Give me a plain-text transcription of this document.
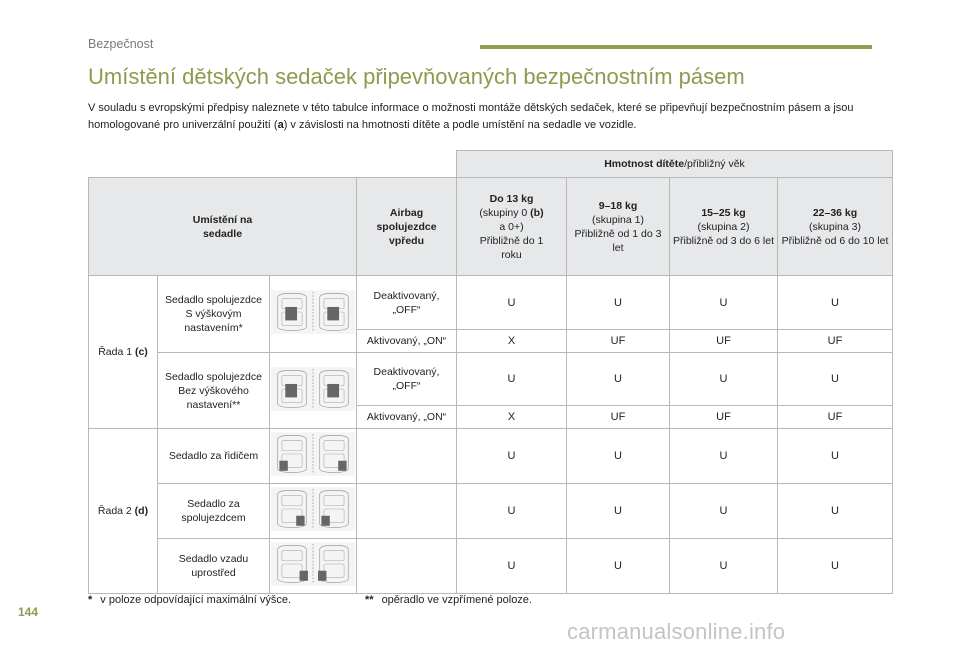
Bezpečnost
Umístění dětských sedaček připevňovaných bezpečnostním pásem
V souladu s evropskými předpisy naleznete v této tabulce informace o možnosti montáže dětských sedaček, které se připevňují bezpečnostním pásem a jsou homologované pro univerzální použití (a) v závislosti na hmotnosti dítěte a podle umístění na sedadle ve vozidle.
				Hmotnost dítěte/přibližný věk			
Umístění na sedadle			Airbag spolujezdce vpředu	Do 13 kg
(skupiny 0 (b)
a 0+)
Přibližně do 1 roku	9–18 kg
(skupina 1)
Přibližně od 1 do 3 let	15–25 kg
(skupina 2)
Přibližně od 3 do 6 let	22–36 kg
(skupina 3)
Přibližně od 6 do 10 let
Řada 1 (c)	Sedadlo spolujezdce S výškovým nastavením*		Deaktivovaný, „OFF“	U	U	U	U
			Aktivovaný, „ON“	X	UF	UF	UF
	Sedadlo spolujezdce Bez výškového nastavení**		Deaktivovaný, „OFF“	U	U	U	U
			Aktivovaný, „ON“	X	UF	UF	UF
Řada 2 (d)	Sedadlo za řidičem			U	U	U	U
	Sedadlo za spolujezdcem			U	U	U	U
	Sedadlo vzadu uprostřed			U	U	U	U
* v poloze odpovídající maximální výšce.	** opěradlo ve vzpřímené poloze.
144
carmanualsonline.info
